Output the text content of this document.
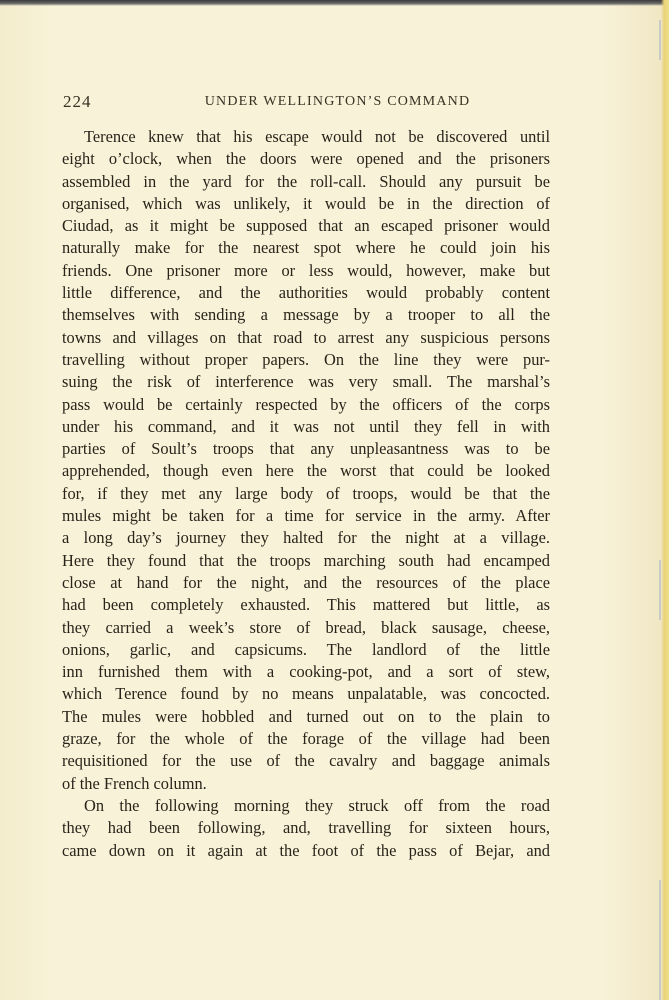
224	UNDER WELLINGTON’S COMMAND
Terence knew that his escape would not be discovered until
eight o’clock, when the doors were opened and the prisoners
assembled in the yard for the roll-call. Should any pursuit be
organised, which was unlikely, it would be in the direction of
Ciudad, as it might be supposed that an escaped prisoner would
naturally make for the nearest spot where he could join his
friends. One prisoner more or less would, however, make but
little difference, and the authorities would probably content
themselves with sending a message by a trooper to all the
towns and villages on that road to arrest any suspicious persons
travelling without proper papers. On the line they were pur-
suing the risk of interference was very small. The marshal’s
pass would be certainly respected by the officers of the corps
under his command, and it was not until they fell in with
parties of Soult’s troops that any unpleasantness was to be
apprehended, though even here the worst that could be looked
for, if they met any large body of troops, would be that the
mules might be taken for a time for service in the army. After
a long day’s journey they halted for the night at a village.
Here they found that the troops marching south had encamped
close at hand for the night, and the resources of the place
had been completely exhausted. This mattered but little, as
they carried a week’s store of bread, black sausage, cheese,
onions, garlic, and capsicums. The landlord of the little
inn furnished them with a cooking-pot, and a sort of stew,
which Terence found by no means unpalatable, was concocted.
The mules were hobbled and turned out on to the plain to
graze, for the whole of the forage of the village had been
requisitioned for the use of the cavalry and baggage animals
of the French column.
On the following morning they struck off from the road
they had been following, and, travelling for sixteen hours,
came down on it again at the foot of the pass of Bejar, and
